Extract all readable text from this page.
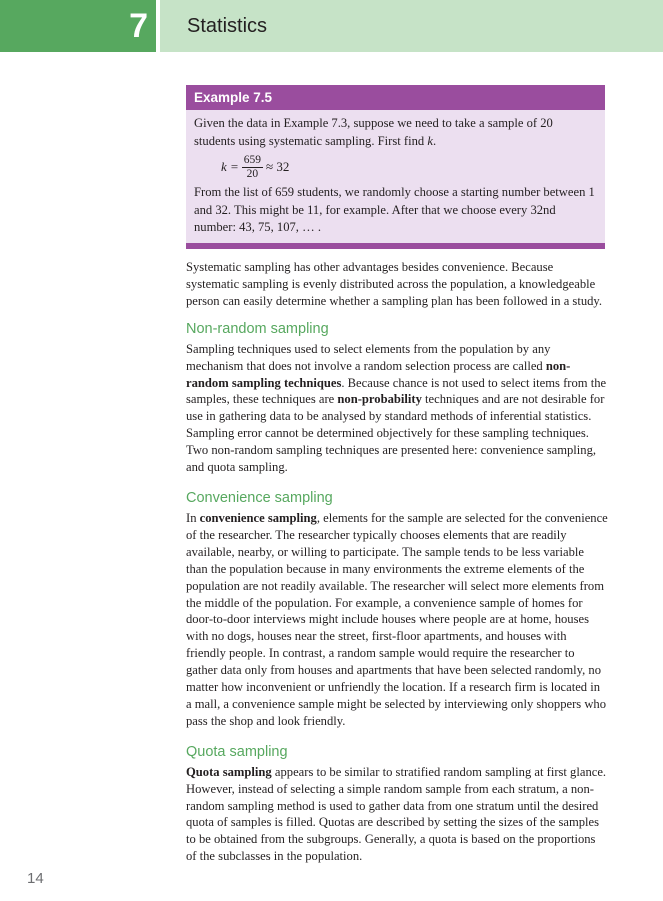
7	Statistics
Example 7.5
Given the data in Example 7.3, suppose we need to take a sample of 20 students using systematic sampling. First find k.
$k = \frac{659}{20} \approx 32$
From the list of 659 students, we randomly choose a starting number between 1 and 32. This might be 11, for example. After that we choose every 32nd number: 43, 75, 107, … .

Systematic sampling has other advantages besides convenience. Because systematic sampling is evenly distributed across the population, a knowledgeable person can easily determine whether a sampling plan has been followed in a study.

Non-random sampling

Sampling techniques used to select elements from the population by any mechanism that does not involve a random selection process are called non-random sampling techniques. Because chance is not used to select items from the samples, these techniques are non-probability techniques and are not desirable for use in gathering data to be analysed by standard methods of inferential statistics. Sampling error cannot be determined objectively for these sampling techniques. Two non-random sampling techniques are presented here: convenience sampling, and quota sampling.

Convenience sampling

In convenience sampling, elements for the sample are selected for the convenience of the researcher. The researcher typically chooses elements that are readily available, nearby, or willing to participate. The sample tends to be less variable than the population because in many environments the extreme elements of the population are not readily available. The researcher will select more elements from the middle of the population. For example, a convenience sample of homes for door-to-door interviews might include houses where people are at home, houses with no dogs, houses near the street, first-floor apartments, and houses with friendly people. In contrast, a random sample would require the researcher to gather data only from houses and apartments that have been selected randomly, no matter how inconvenient or unfriendly the location. If a research firm is located in a mall, a convenience sample might be selected by interviewing only shoppers who pass the shop and look friendly.

Quota sampling

Quota sampling appears to be similar to stratified random sampling at first glance. However, instead of selecting a simple random sample from each stratum, a non-random sampling method is used to gather data from one stratum until the desired quota of samples is filled. Quotas are described by setting the sizes of the samples to be obtained from the subgroups. Generally, a quota is based on the proportions of the subclasses in the population.

14
